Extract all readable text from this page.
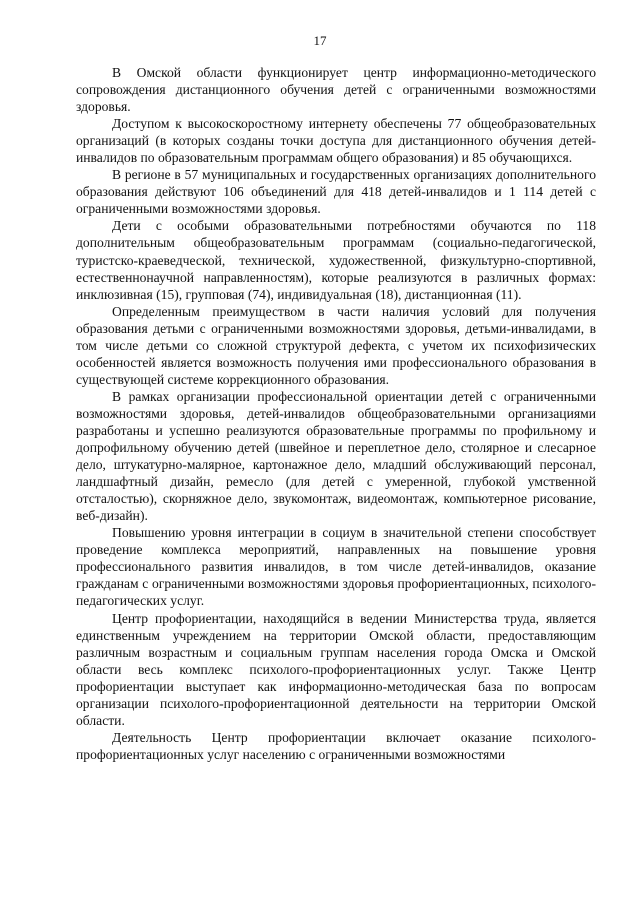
17

В Омской области функционирует центр информационно-методического сопровождения дистанционного обучения детей с ограниченными возможностями здоровья.

Доступом к высокоскоростному интернету обеспечены 77 общеобразовательных организаций (в которых созданы точки доступа для дистанционного обучения детей-инвалидов по образовательным программам общего образования) и 85 обучающихся.

В регионе в 57 муниципальных и государственных организациях дополнительного образования действуют 106 объединений для 418 детей-инвалидов и 1 114 детей с ограниченными возможностями здоровья.

Дети с особыми образовательными потребностями обучаются по 118 дополнительным общеобразовательным программам (социально-педагогической, туристско-краеведческой, технической, художественной, физкультурно-спортивной, естественнонаучной направленностям), которые реализуются в различных формах: инклюзивная (15), групповая (74), индивидуальная (18), дистанционная (11).

Определенным преимуществом в части наличия условий для получения образования детьми с ограниченными возможностями здоровья, детьми-инвалидами, в том числе детьми со сложной структурой дефекта, с учетом их психофизических особенностей является возможность получения ими профессионального образования в существующей системе коррекционного образования.

В рамках организации профессиональной ориентации детей с ограниченными возможностями здоровья, детей-инвалидов общеобразовательными организациями разработаны и успешно реализуются образовательные программы по профильному и допрофильному обучению детей (швейное и переплетное дело, столярное и слесарное дело, штукатурно-малярное, картонажное дело, младший обслуживающий персонал, ландшафтный дизайн, ремесло (для детей с умеренной, глубокой умственной отсталостью), скорняжное дело, звукомонтаж, видеомонтаж, компьютерное рисование, веб-дизайн).

Повышению уровня интеграции в социум в значительной степени способствует проведение комплекса мероприятий, направленных на повышение уровня профессионального развития инвалидов, в том числе детей-инвалидов, оказание гражданам с ограниченными возможностями здоровья профориентационных, психолого-педагогических услуг.

Центр профориентации, находящийся в ведении Министерства труда, является единственным учреждением на территории Омской области, предоставляющим различным возрастным и социальным группам населения города Омска и Омской области весь комплекс психолого-профориентационных услуг. Также Центр профориентации выступает как информационно-методическая база по вопросам организации психолого-профориентационной деятельности на территории Омской области.

Деятельность Центр профориентации включает оказание психолого-профориентационных услуг населению с ограниченными возможностями
